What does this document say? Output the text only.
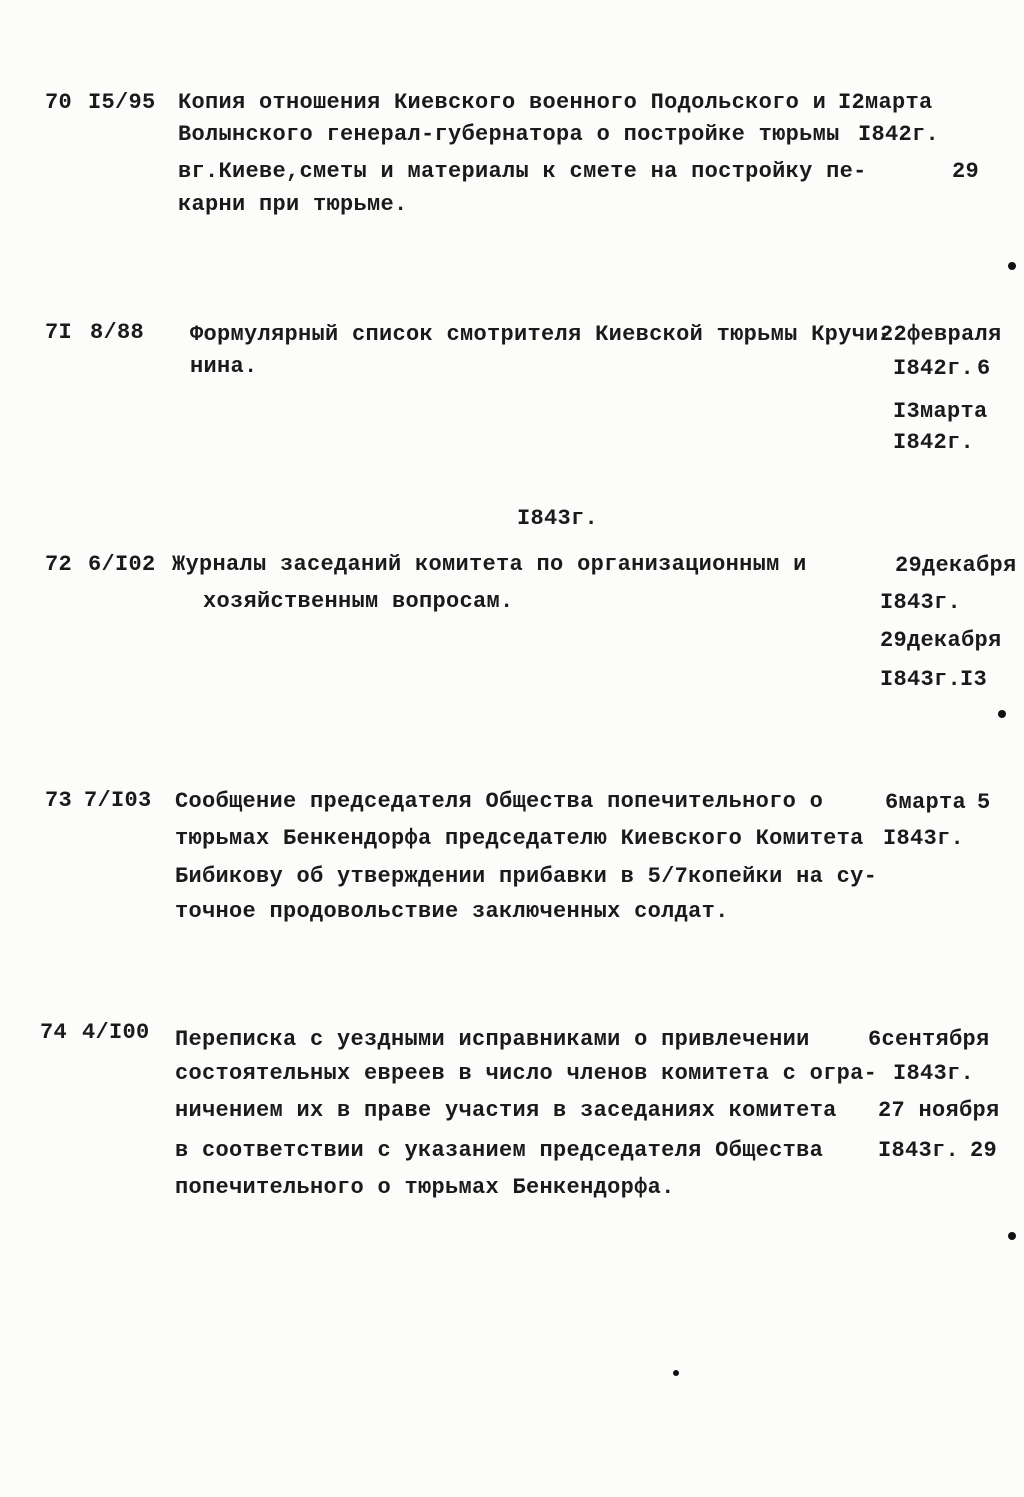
70 I5/95 Копия отношения Киевского военного Подольского и
Волынского генерал-губернатора о постройке тюрьмы
вг.Киеве,сметы и материалы к смете на постройку пе-
карни при тюрьме.
I2марта
I842г.
29
7I 8/88 Формулярный список смотрителя Киевской тюрьмы Кручи-
нина.
22февраля
I842г. 6
I3марта
I842г.
I843г.
72 6/I02 Журналы заседаний комитета по организационным и
хозяйственным вопросам.
29декабря
I843г.
29декабря
I843г.
I3
73 7/I03 Сообщение председателя Общества попечительного о
тюрьмах Бенкендорфа председателю Киевского Комитета
Бибикову об утверждении прибавки в 5/7копейки на су-
точное продовольствие заключенных солдат.
6марта 5
I843г.
74 4/I00 Переписка с уездными исправниками о привлечении
состоятельных евреев в число членов комитета с огра-
ничением их в праве участия в заседаниях комитета
в соответствии с указанием председателя Общества
попечительного о тюрьмах Бенкендорфа.
6сентября
I843г.
27 ноября
I843г. 29
